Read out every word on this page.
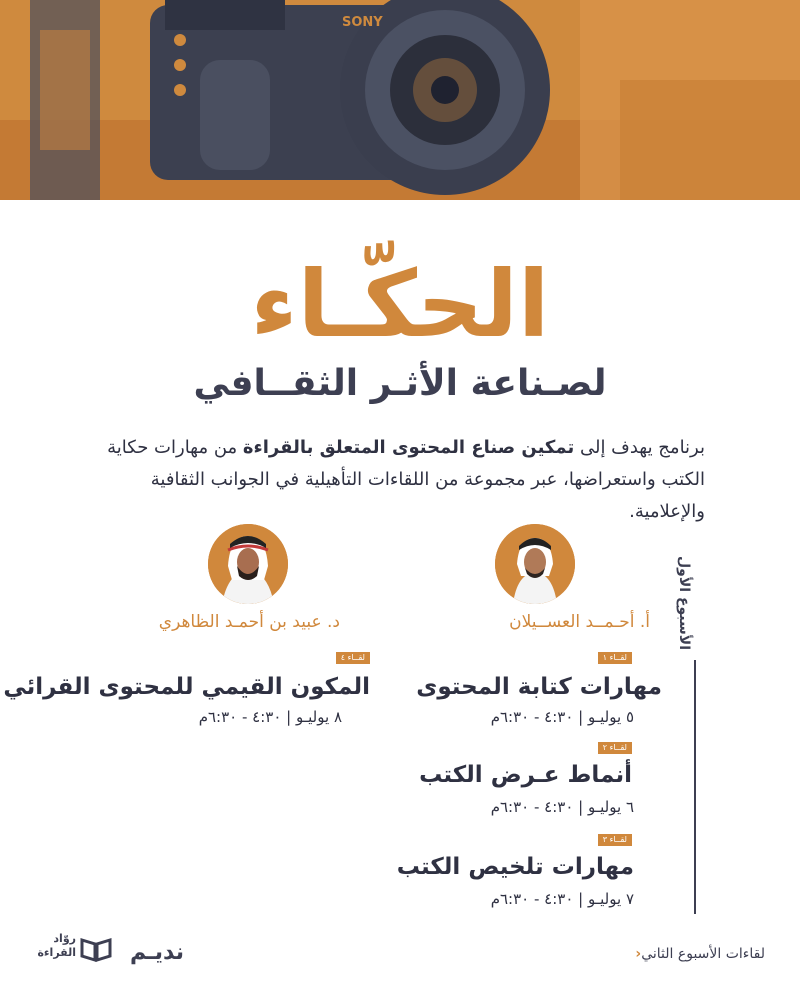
SONY
الحكّـاء
لصـناعة الأثـر الثقــافي
برنامج يهدف إلى تمكين صناع المحتوى المتعلق بالقراءة من مهارات حكاية الكتب واستعراضها، عبر مجموعة من اللقاءات التأهيلية في الجوانب الثقافية والإعلامية.
الأسبوع الأول
أ. أحـمــد العســيلان
د. عبيد بن أحمـد الظاهري
لقــاء ١
مهارات كتابة المحتوى
٥ يوليـو | ٤:٣٠ - ٦:٣٠م
لقــاء ٢
أنماط عـرض الكتب
٦ يوليـو | ٤:٣٠ - ٦:٣٠م
لقــاء ٣
مهارات تلخيص الكتب
٧ يوليـو | ٤:٣٠ - ٦:٣٠م
لقــاء ٤
المكون القيمي للمحتوى القرائي
٨ يوليـو | ٤:٣٠ - ٦:٣٠م
لقاءات الأسبوع الثاني‹
نديـم
روّاد
القراءة
